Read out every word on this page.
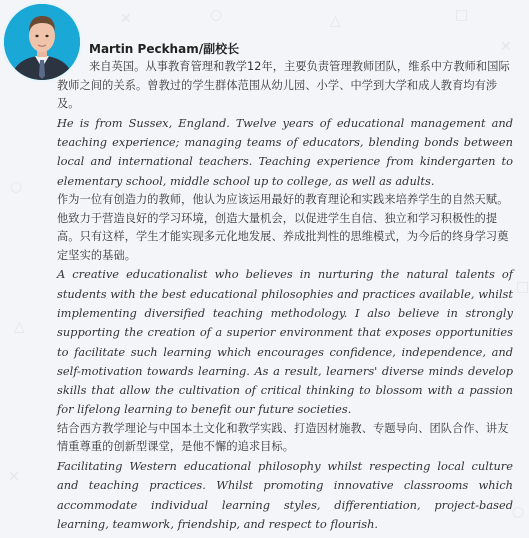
✕	○	△	□
✕
○
△
✕
□
○
Martin Peckham/副校长

来自英国。从事教育管理和教学12年，主要负责管理教师团队，维系中方教师和国际教师之间的关系。曾教过的学生群体范围从幼儿园、小学、中学到大学和成人教育均有涉及。

He is from Sussex, England. Twelve years of educational management and teaching experience; managing teams of educators, blending bonds between local and international teachers. Teaching experience from kindergarten to elementary school, middle school up to college, as well as adults.

作为一位有创造力的教师，他认为应该运用最好的教育理论和实践来培养学生的自然天赋。他致力于营造良好的学习环境，创造大量机会，以促进学生自信、独立和学习积极性的提高。只有这样，学生才能实现多元化地发展、养成批判性的思维模式，为今后的终身学习奠定坚实的基础。

A creative educationalist who believes in nurturing the natural talents of students with the best educational philosophies and practices available, whilst implementing diversified teaching methodology. I also believe in strongly supporting the creation of a superior environment that exposes opportunities to facilitate such learning which encourages confidence, independence, and self-motivation towards learning. As a result, learners' diverse minds develop skills that allow the cultivation of critical thinking to blossom with a passion for lifelong learning to benefit our future societies.

结合西方教学理论与中国本土文化和教学实践、打造因材施教、专题导向、团队合作、讲友情重尊重的创新型课堂，是他不懈的追求目标。

Facilitating Western educational philosophy whilst respecting local culture and teaching practices. Whilst promoting innovative classrooms which accommodate individual learning styles, differentiation, project-based learning, teamwork, friendship, and respect to flourish.
